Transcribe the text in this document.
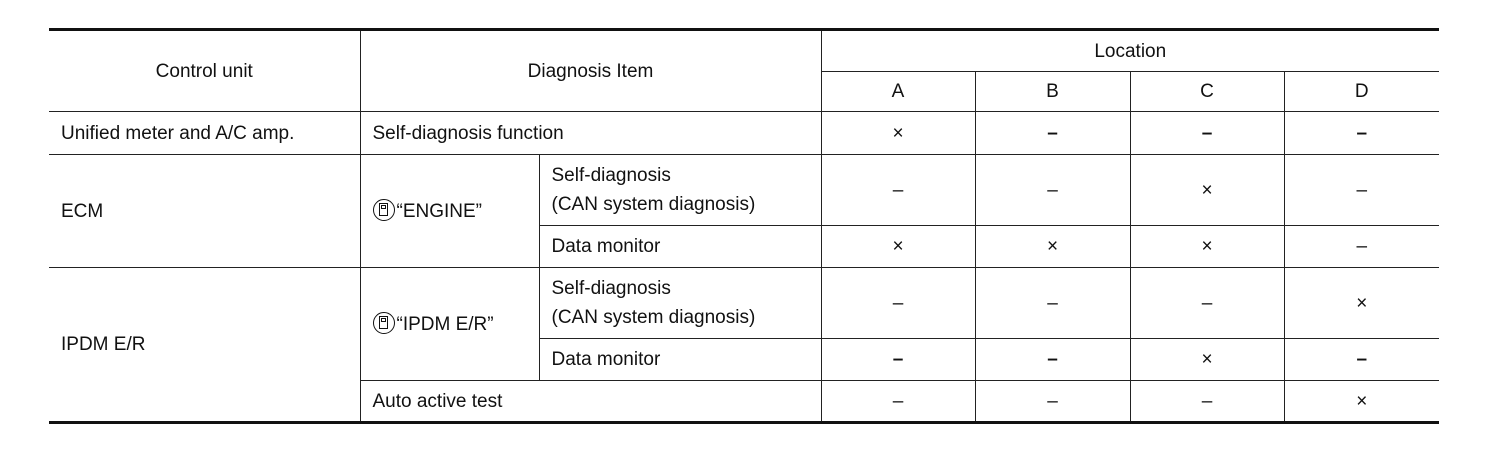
Control unit	Diagnosis Item		Location			
			A	B	C	D
Unified meter and A/C amp.	Self-diagnosis function		×	–	–	–
ECM	“ENGINE”	Self-diagnosis
(CAN system diagnosis)	–	–	×	–
		Data monitor	×	×	×	–
IPDM E/R	“IPDM E/R”	Self-diagnosis
(CAN system diagnosis)	–	–	–	×
		Data monitor	–	–	×	–
	Auto active test		–	–	–	×
